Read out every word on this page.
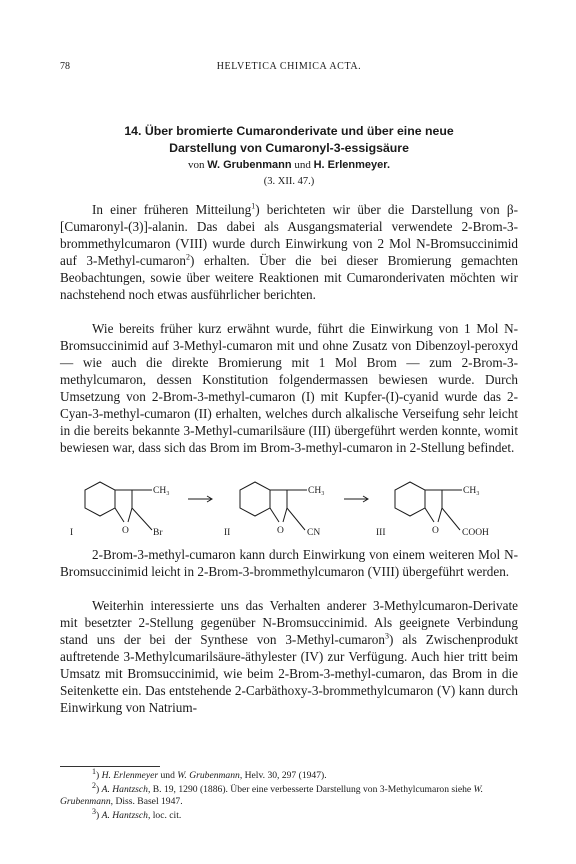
78	HELVETICA CHIMICA ACTA.
14. Über bromierte Cumaronderivate und über eine neue
Darstellung von Cumaronyl-3-essigsäure
von W. Grubenmann und H. Erlenmeyer.
(3. XII. 47.)

In einer früheren Mitteilung$^1$) berichteten wir über die Darstellung von β-[Cumaronyl-(3)]-alanin. Das dabei als Ausgangsmaterial verwendete 2-Brom-3-brommethylcumaron (VIII) wurde durch Einwirkung von 2 Mol N-Bromsuccinimid auf 3-Methyl-cumaron$^2$) erhalten. Über die bei dieser Bromierung gemachten Beobachtungen, sowie über weitere Reaktionen mit Cumaronderivaten möchten wir nachstehend noch etwas ausführlicher berichten.

Wie bereits früher kurz erwähnt wurde, führt die Einwirkung von 1 Mol N-Bromsuccinimid auf 3-Methyl-cumaron mit und ohne Zusatz von Dibenzoyl-peroxyd — wie auch die direkte Bromierung mit 1 Mol Brom — zum 2-Brom-3-methylcumaron, dessen Konstitution folgendermassen bewiesen wurde. Durch Umsetzung von 2-Brom-3-methyl-cumaron (I) mit Kupfer-(I)-cyanid wurde das 2-Cyan-3-methyl-cumaron (II) erhalten, welches durch alkalische Verseifung sehr leicht in die bereits bekannte 3-Methyl-cumarilsäure (III) übergeführt werden konnte, womit bewiesen war, dass sich das Brom im Brom-3-methyl-cumaron in 2-Stellung befindet.

CH₃
Br
O
I
CH₃
CN
O
II
CH₃
COOH
O
III

2-Brom-3-methyl-cumaron kann durch Einwirkung von einem weiteren Mol N-Bromsuccinimid leicht in 2-Brom-3-brommethylcumaron (VIII) übergeführt werden.

Weiterhin interessierte uns das Verhalten anderer 3-Methylcumaron-Derivate mit besetzter 2-Stellung gegenüber N-Bromsuccinimid. Als geeignete Verbindung stand uns der bei der Synthese von 3-Methyl-cumaron$^3$) als Zwischenprodukt auftretende 3-Methylcumarilsäure-äthylester (IV) zur Verfügung. Auch hier tritt beim Umsatz mit Bromsuccinimid, wie beim 2-Brom-3-methyl-cumaron, das Brom in die Seitenkette ein. Das entstehende 2-Carbäthoxy-3-brommethylcumaron (V) kann durch Einwirkung von Natrium-

$^1$) H. Erlenmeyer und W. Grubenmann, Helv. 30, 297 (1947).
$^2$) A. Hantzsch, B. 19, 1290 (1886). Über eine verbesserte Darstellung von 3-Methylcumaron siehe W. Grubenmann, Diss. Basel 1947.
$^3$) A. Hantzsch, loc. cit.
